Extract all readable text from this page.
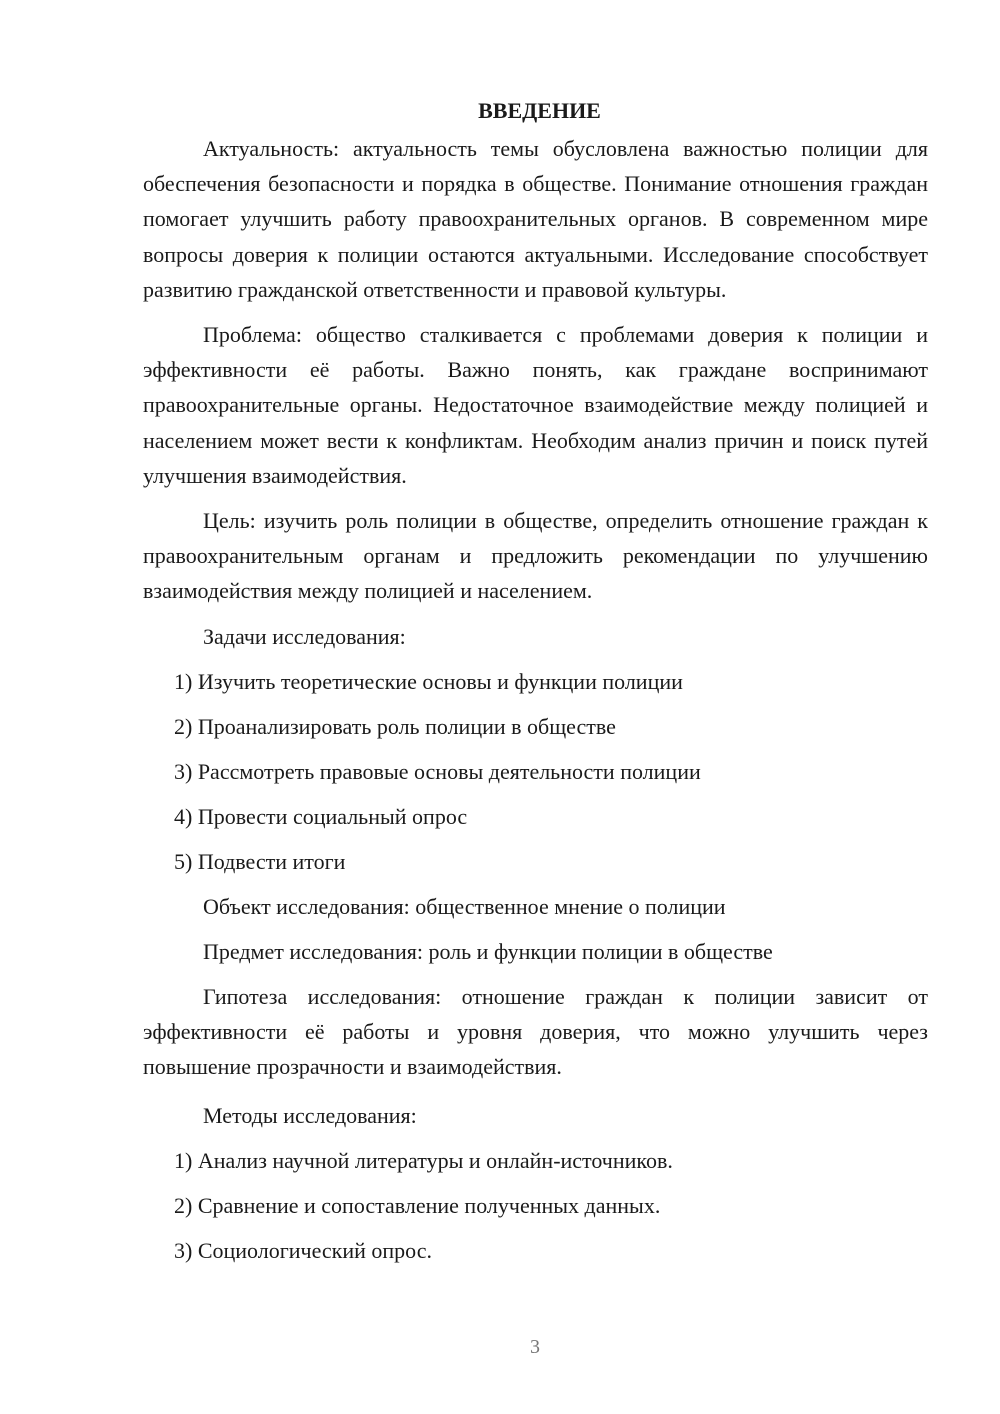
ВВЕДЕНИЕ

Актуальность: актуальность темы обусловлена важностью полиции для обеспечения безопасности и порядка в обществе. Понимание отношения граждан помогает улучшить работу правоохранительных органов. В современном мире вопросы доверия к полиции остаются актуальными. Исследование способствует развитию гражданской ответственности и правовой культуры.

Проблема: общество сталкивается с проблемами доверия к полиции и эффективности её работы. Важно понять, как граждане воспринимают правоохранительные органы. Недостаточное взаимодействие между полицией и населением может вести к конфликтам. Необходим анализ причин и поиск путей улучшения взаимодействия.

Цель: изучить роль полиции в обществе, определить отношение граждан к правоохранительным органам и предложить рекомендации по улучшению взаимодействия между полицией и населением.

Задачи исследования:

1) Изучить теоретические основы и функции полиции
2) Проанализировать роль полиции в обществе
3) Рассмотреть правовые основы деятельности полиции
4) Провести социальный опрос
5) Подвести итоги

Объект исследования: общественное мнение о полиции

Предмет исследования: роль и функции полиции в обществе

Гипотеза исследования: отношение граждан к полиции зависит от эффективности её работы и уровня доверия, что можно улучшить через повышение прозрачности и взаимодействия.

Методы исследования:

1) Анализ научной литературы и онлайн-источников.
2) Сравнение и сопоставление полученных данных.
3) Социологический опрос.
3
